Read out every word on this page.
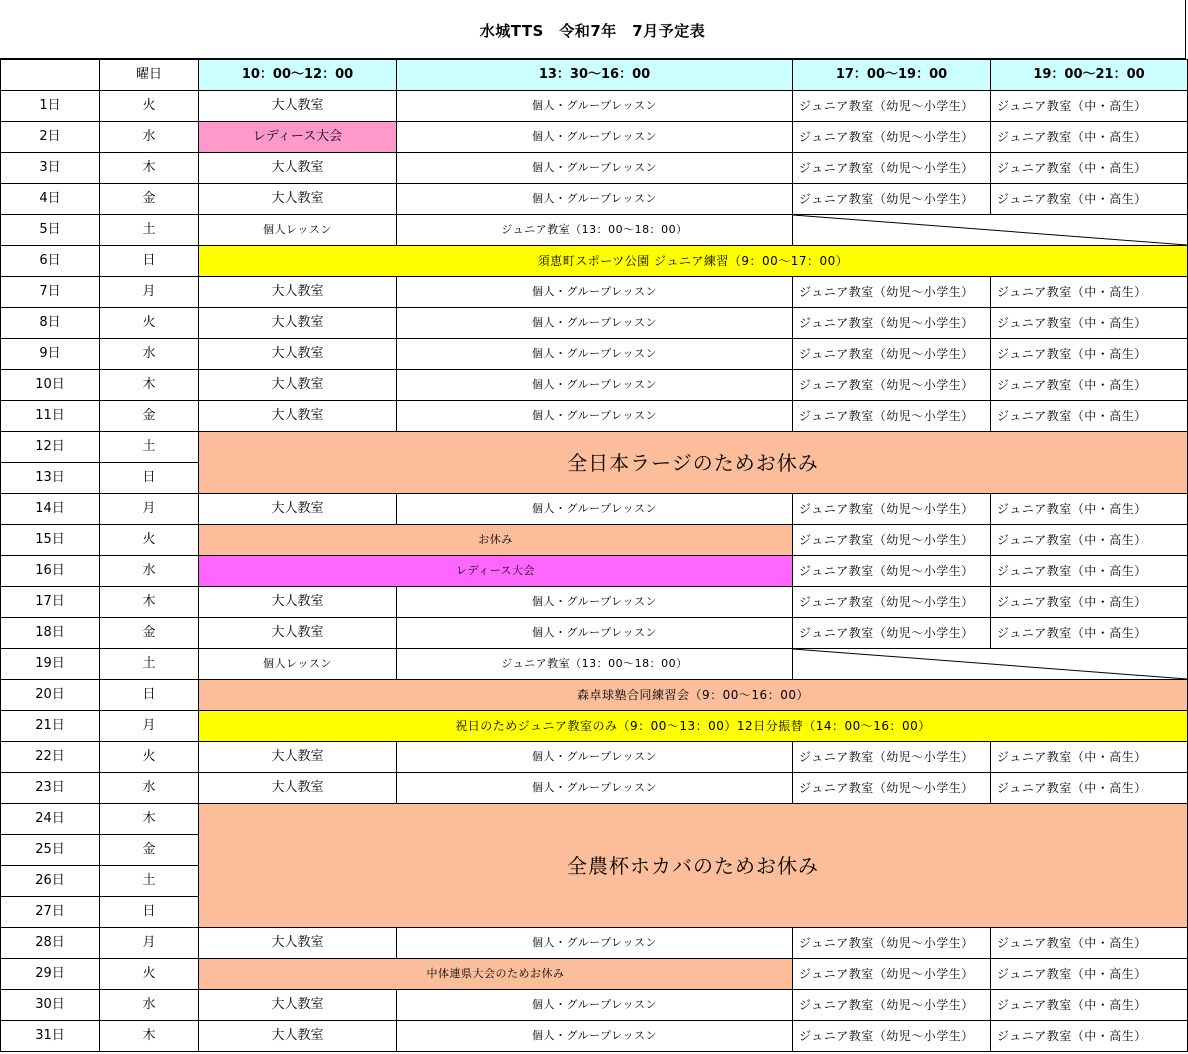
水城TTS　令和7年　7月予定表
	曜日	10：00～12：00	13：30～16：00	17：00～19：00	19：00～21：00
1日	火	大人教室	個人・グループレッスン	ジュニア教室（幼児～小学生）	ジュニア教室（中・高生）
2日	水	レディース大会	個人・グループレッスン	ジュニア教室（幼児～小学生）	ジュニア教室（中・高生）
3日	木	大人教室	個人・グループレッスン	ジュニア教室（幼児～小学生）	ジュニア教室（中・高生）
4日	金	大人教室	個人・グループレッスン	ジュニア教室（幼児～小学生）	ジュニア教室（中・高生）
5日	土	個人レッスン	ジュニア教室（13：00～18：00）	

6日	日	須恵町スポーツ公園 ジュニア練習（9：00～17：00）			
7日	月	大人教室	個人・グループレッスン	ジュニア教室（幼児～小学生）	ジュニア教室（中・高生）
8日	火	大人教室	個人・グループレッスン	ジュニア教室（幼児～小学生）	ジュニア教室（中・高生）
9日	水	大人教室	個人・グループレッスン	ジュニア教室（幼児～小学生）	ジュニア教室（中・高生）
10日	木	大人教室	個人・グループレッスン	ジュニア教室（幼児～小学生）	ジュニア教室（中・高生）
11日	金	大人教室	個人・グループレッスン	ジュニア教室（幼児～小学生）	ジュニア教室（中・高生）
12日	土	全日本ラージのためお休み			
13日	日				
14日	月	大人教室	個人・グループレッスン	ジュニア教室（幼児～小学生）	ジュニア教室（中・高生）
15日	火	お休み		ジュニア教室（幼児～小学生）	ジュニア教室（中・高生）
16日	水	レディース大会		ジュニア教室（幼児～小学生）	ジュニア教室（中・高生）
17日	木	大人教室	個人・グループレッスン	ジュニア教室（幼児～小学生）	ジュニア教室（中・高生）
18日	金	大人教室	個人・グループレッスン	ジュニア教室（幼児～小学生）	ジュニア教室（中・高生）
19日	土	個人レッスン	ジュニア教室（13：00～18：00）	

20日	日	森卓球塾合同練習会（9：00～16：00）			
21日	月	祝日のためジュニア教室のみ（9：00～13：00）12日分振替（14：00～16：00）			
22日	火	大人教室	個人・グループレッスン	ジュニア教室（幼児～小学生）	ジュニア教室（中・高生）
23日	水	大人教室	個人・グループレッスン	ジュニア教室（幼児～小学生）	ジュニア教室（中・高生）
24日	木	全農杯ホカバのためお休み			
25日	金				
26日	土				
27日	日				
28日	月	大人教室	個人・グループレッスン	ジュニア教室（幼児～小学生）	ジュニア教室（中・高生）
29日	火	中体連県大会のためお休み		ジュニア教室（幼児～小学生）	ジュニア教室（中・高生）
30日	水	大人教室	個人・グループレッスン	ジュニア教室（幼児～小学生）	ジュニア教室（中・高生）
31日	木	大人教室	個人・グループレッスン	ジュニア教室（幼児～小学生）	ジュニア教室（中・高生）
